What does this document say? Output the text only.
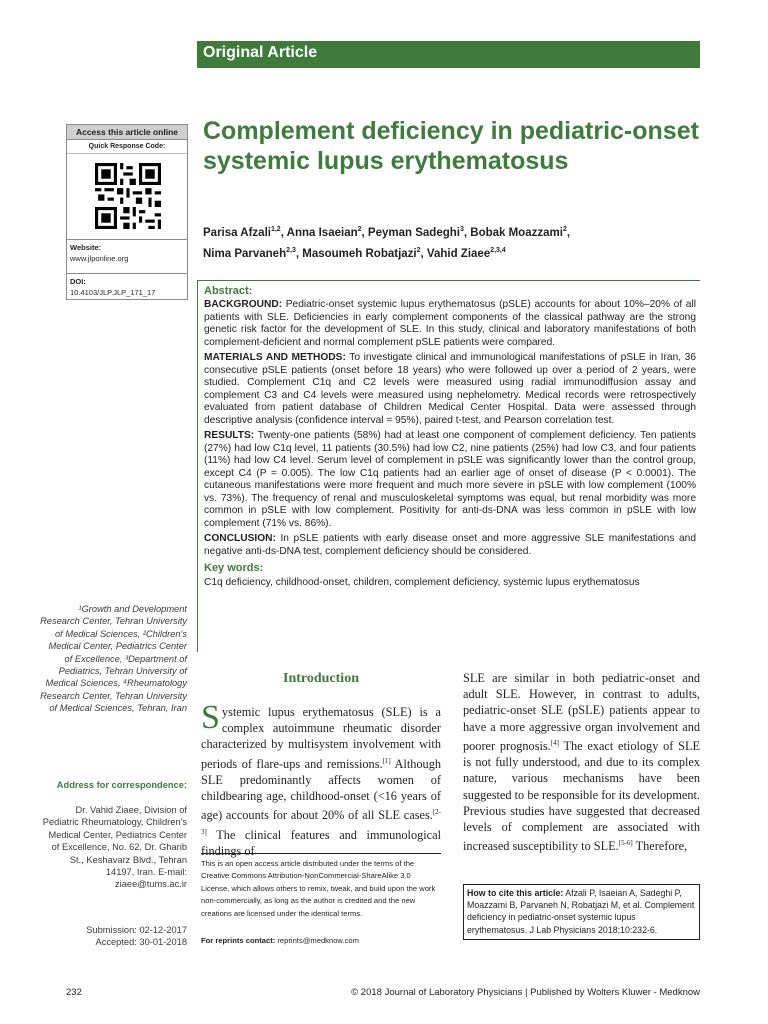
Original Article
Access this article online
Quick Response Code:
Website:
www.jlponline.org
DOI:
10.4103/JLP.JLP_171_17
Complement deficiency in pediatric-onset systemic lupus erythematosus
Parisa Afzali$^{1,2}$, Anna Isaeian$^2$, Peyman Sadeghi$^3$, Bobak Moazzami$^2$,
Nima Parvaneh$^{2,3}$, Masoumeh Robatjazi$^2$, Vahid Ziaee$^{2,3,4}$
Abstract:

BACKGROUND: Pediatric-onset systemic lupus erythematosus (pSLE) accounts for about 10%–20% of all patients with SLE. Deficiencies in early complement components of the classical pathway are the strong genetic risk factor for the development of SLE. In this study, clinical and laboratory manifestations of both complement-deficient and normal complement pSLE patients were compared.

MATERIALS AND METHODS: To investigate clinical and immunological manifestations of pSLE in Iran, 36 consecutive pSLE patients (onset before 18 years) who were followed up over a period of 2 years, were studied. Complement C1q and C2 levels were measured using radial immunodiffusion assay and complement C3 and C4 levels were measured using nephelometry. Medical records were retrospectively evaluated from patient database of Children Medical Center Hospital. Data were assessed through descriptive analysis (confidence interval = 95%), paired t-test, and Pearson correlation test.

RESULTS: Twenty-one patients (58%) had at least one component of complement deficiency. Ten patients (27%) had low C1q level, 11 patients (30.5%) had low C2, nine patients (25%) had low C3, and four patients (11%) had low C4 level. Serum level of complement in pSLE was significantly lower than the control group, except C4 (P = 0.005). The low C1q patients had an earlier age of onset of disease (P < 0.0001). The cutaneous manifestations were more frequent and much more severe in pSLE with low complement (100% vs. 73%). The frequency of renal and musculoskeletal symptoms was equal, but renal morbidity was more common in pSLE with low complement. Positivity for anti-ds-DNA was less common in pSLE with low complement (71% vs. 86%).

CONCLUSION: In pSLE patients with early disease onset and more aggressive SLE manifestations and negative anti-ds-DNA test, complement deficiency should be considered.

Key words:
C1q deficiency, childhood-onset, children, complement deficiency, systemic lupus erythematosus
¹Growth and Development Research Center, Tehran University of Medical Sciences, ²Children's Medical Center, Pediatrics Center of Excellence, ³Department of Pediatrics, Tehran University of Medical Sciences, ⁴Rheumatology Research Center, Tehran University of Medical Sciences, Tehran, Iran
Address for correspondence:
Dr. Vahid Ziaee, Division of Pediatric Rheumatology, Children's Medical Center, Pediatrics Center of Excellence, No. 62, Dr. Gharib St., Keshavarz Blvd., Tehran 14197, Iran. E-mail: ziaee@tums.ac.ir
Submission: 02-12-2017
Accepted: 30-01-2018
Introduction
Systemic lupus erythematosus (SLE) is a complex autoimmune rheumatic disorder characterized by multisystem involvement with periods of flare-ups and remissions.[1] Although SLE predominantly affects women of childbearing age, childhood-onset (<16 years of age) accounts for about 20% of all SLE cases.[2-3] The clinical features and immunological findings of
SLE are similar in both pediatric-onset and adult SLE. However, in contrast to adults, pediatric-onset SLE (pSLE) patients appear to have a more aggressive organ involvement and poorer prognosis.[4] The exact etiology of SLE is not fully understood, and due to its complex nature, various mechanisms have been suggested to be responsible for its development. Previous studies have suggested that decreased levels of complement are associated with increased susceptibility to SLE.[5-6] Therefore,
This is an open access article distributed under the terms of the Creative Commons Attribution-NonCommercial-ShareAlike 3.0 License, which allows others to remix, tweak, and build upon the work non-commercially, as long as the author is credited and the new creations are licensed under the identical terms.
For reprints contact: reprints@medknow.com
How to cite this article: Afzali P, Isaeian A, Sadeghi P, Moazzami B, Parvaneh N, Robatjazi M, et al. Complement deficiency in pediatric-onset systemic lupus erythematosus. J Lab Physicians 2018;10:232-6.
232	© 2018 Journal of Laboratory Physicians | Published by Wolters Kluwer - Medknow
